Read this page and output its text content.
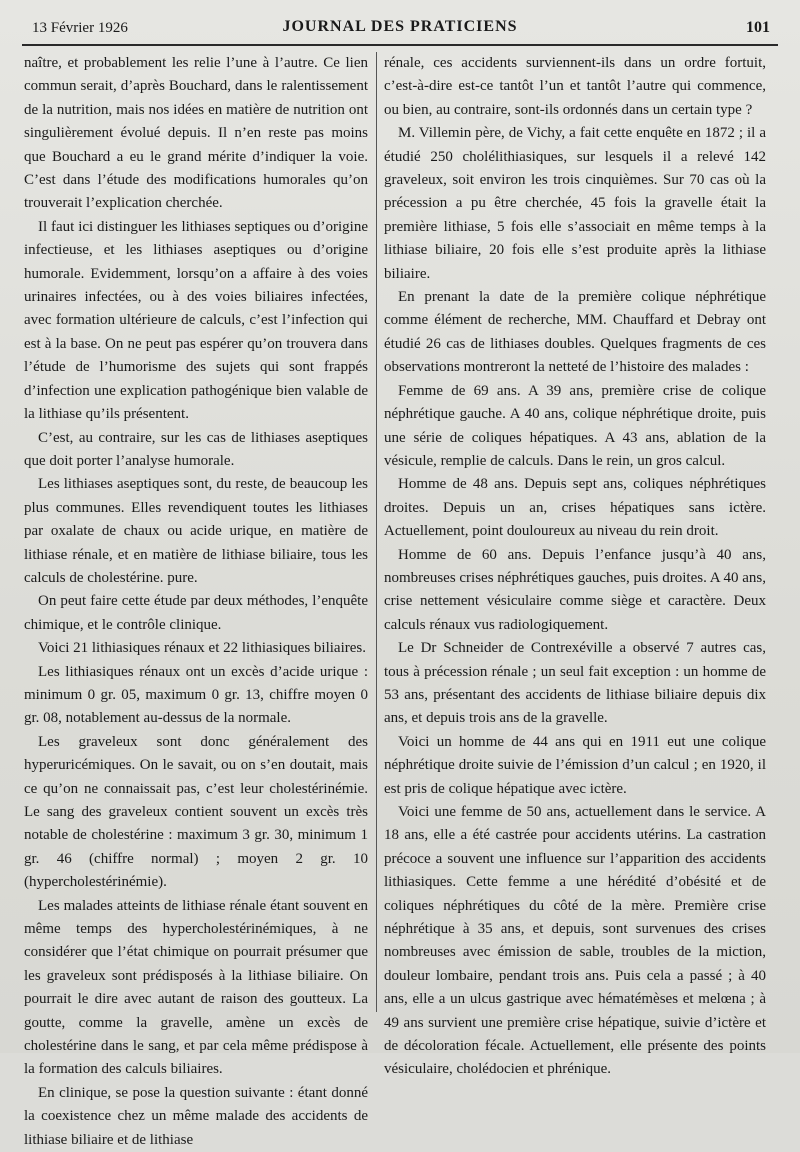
13 Février 1926	JOURNAL DES PRATICIENS	101

naître, et probablement les relie l’une à l’autre. Ce lien commun serait, d’après Bouchard, dans le ralentissement de la nutrition, mais nos idées en matière de nutrition ont singulièrement évolué depuis. Il n’en reste pas moins que Bouchard a eu le grand mérite d’indiquer la voie. C’est dans l’étude des modifications humorales qu’on trouverait l’explication cherchée.

Il faut ici distinguer les lithiases septiques ou d’origine infectieuse, et les lithiases aseptiques ou d’origine humorale. Evidemment, lorsqu’on a affaire à des voies urinaires infectées, ou à des voies biliaires infectées, avec formation ultérieure de calculs, c’est l’infection qui est à la base. On ne peut pas espérer qu’on trouvera dans l’étude de l’humorisme des sujets qui sont frappés d’infection une explication pathogénique bien valable de la lithiase qu’ils présentent.

C’est, au contraire, sur les cas de lithiases aseptiques que doit porter l’analyse humorale.

Les lithiases aseptiques sont, du reste, de beaucoup les plus communes. Elles revendiquent toutes les lithiases par oxalate de chaux ou acide urique, en matière de lithiase rénale, et en matière de lithiase biliaire, tous les calculs de cholestérine. pure.

On peut faire cette étude par deux méthodes, l’enquête chimique, et le contrôle clinique.

Voici 21 lithiasiques rénaux et 22 lithiasiques biliaires.

Les lithiasiques rénaux ont un excès d’acide urique : minimum 0 gr. 05, maximum 0 gr. 13, chiffre moyen 0 gr. 08, notablement au-dessus de la normale.

Les graveleux sont donc généralement des hyperuricémiques. On le savait, ou on s’en doutait, mais ce qu’on ne connaissait pas, c’est leur cholestérinémie. Le sang des graveleux contient souvent un excès très notable de cholestérine : maximum 3 gr. 30, minimum 1 gr. 46 (chiffre normal) ; moyen 2 gr. 10 (hypercholestérinémie).

Les malades atteints de lithiase rénale étant souvent en même temps des hypercholestérinémiques, à ne considérer que l’état chimique on pourrait présumer que les graveleux sont prédisposés à la lithiase biliaire. On pourrait le dire avec autant de raison des goutteux. La goutte, comme la gravelle, amène un excès de cholestérine dans le sang, et par cela même prédispose à la formation des calculs biliaires.

En clinique, se pose la question suivante : étant donné la coexistence chez un même malade des accidents de lithiase biliaire et de lithiase

rénale, ces accidents surviennent-ils dans un ordre fortuit, c’est-à-dire est-ce tantôt l’un et tantôt l’autre qui commence, ou bien, au contraire, sont-ils ordonnés dans un certain type ?

M. Villemin père, de Vichy, a fait cette enquête en 1872 ; il a étudié 250 cholélithiasiques, sur lesquels il a relevé 142 graveleux, soit environ les trois cinquièmes. Sur 70 cas où la précession a pu être cherchée, 45 fois la gravelle était la première lithiase, 5 fois elle s’associait en même temps à la lithiase biliaire, 20 fois elle s’est produite après la lithiase biliaire.

En prenant la date de la première colique néphrétique comme élément de recherche, MM. Chauffard et Debray ont étudié 26 cas de lithiases doubles. Quelques fragments de ces observations montreront la netteté de l’histoire des malades :

Femme de 69 ans. A 39 ans, première crise de colique néphrétique gauche. A 40 ans, colique néphrétique droite, puis une série de coliques hépatiques. A 43 ans, ablation de la vésicule, remplie de calculs. Dans le rein, un gros calcul.

Homme de 48 ans. Depuis sept ans, coliques néphrétiques droites. Depuis un an, crises hépatiques sans ictère. Actuellement, point douloureux au niveau du rein droit.

Homme de 60 ans. Depuis l’enfance jusqu’à 40 ans, nombreuses crises néphrétiques gauches, puis droites. A 40 ans, crise nettement vésiculaire comme siège et caractère. Deux calculs rénaux vus radiologiquement.

Le Dr Schneider de Contrexéville a observé 7 autres cas, tous à précession rénale ; un seul fait exception : un homme de 53 ans, présentant des accidents de lithiase biliaire depuis dix ans, et depuis trois ans de la gravelle.

Voici un homme de 44 ans qui en 1911 eut une colique néphrétique droite suivie de l’émission d’un calcul ; en 1920, il est pris de colique hépatique avec ictère.

Voici une femme de 50 ans, actuellement dans le service. A 18 ans, elle a été castrée pour accidents utérins. La castration précoce a souvent une influence sur l’apparition des accidents lithiasiques. Cette femme a une hérédité d’obésité et de coliques néphrétiques du côté de la mère. Première crise néphrétique à 35 ans, et depuis, sont survenues des crises nombreuses avec émission de sable, troubles de la miction, douleur lombaire, pendant trois ans. Puis cela a passé ; à 40 ans, elle a un ulcus gastrique avec hématémèses et melœna ; à 49 ans survient une première crise hépatique, suivie d’ictère et de décoloration fécale. Actuellement, elle présente des points vésiculaire, cholédocien et phrénique.
